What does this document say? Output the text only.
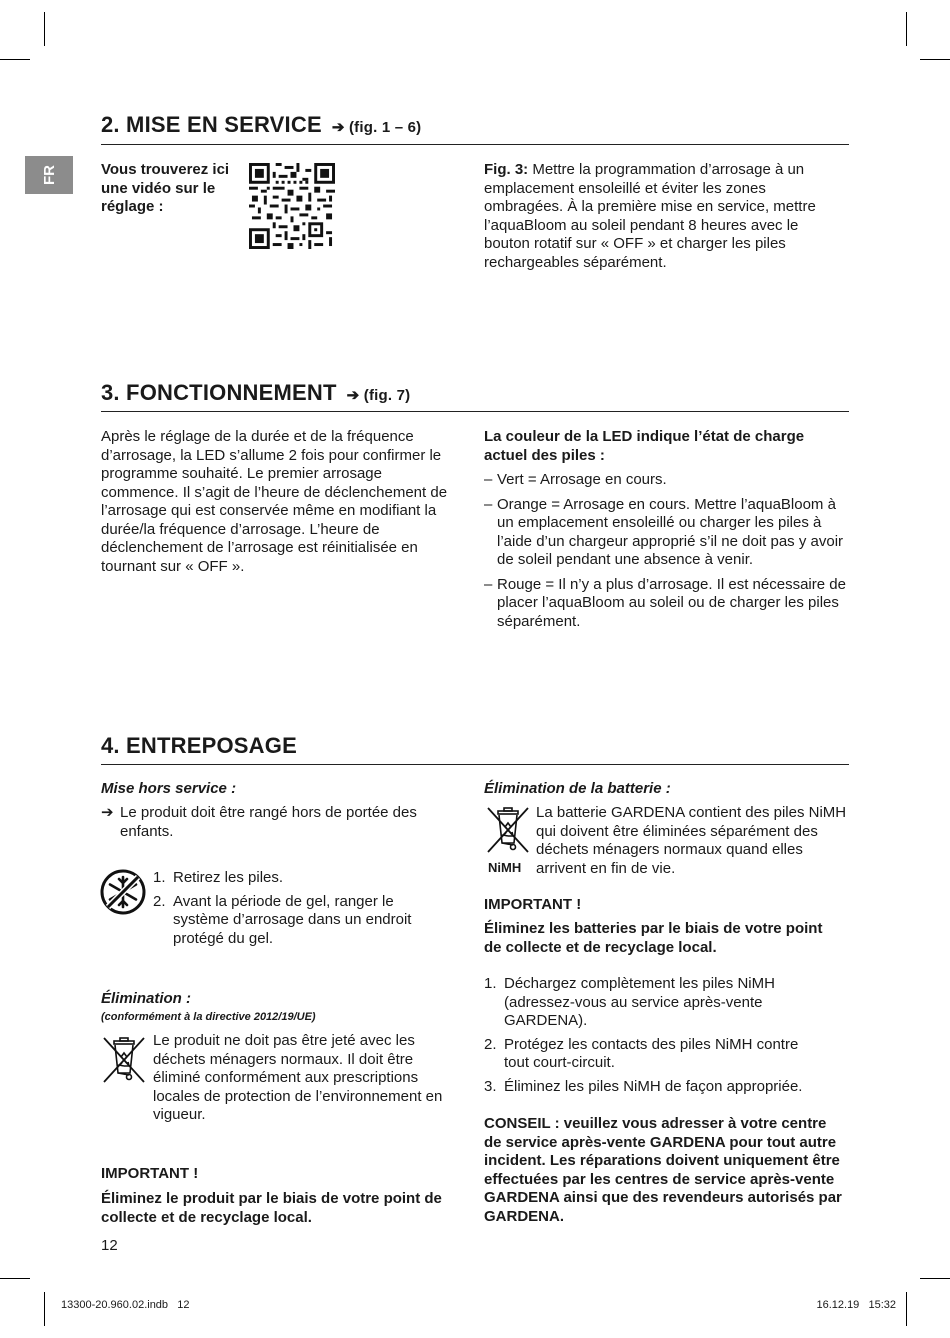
FR
2. MISE EN SERVICE ➔ (fig. 1 – 6)
Vous trouverez ici une vidéo sur le réglage :
Fig. 3: Mettre la programmation d’arrosage à un emplacement ensoleillé et éviter les zones ombragées. À la première mise en service, mettre l’aquaBloom au soleil pendant 8 heures avec le bouton rotatif sur « OFF » et charger les piles rechargeables séparément.
3. FONCTIONNEMENT ➔ (fig. 7)
Après le réglage de la durée et de la fréquence d’arrosage, la LED s’allume 2 fois pour confirmer le programme souhaité. Le premier arrosage commence. Il s’agit de l’heure de déclenchement de l’arrosage qui est conservée même en modifiant la durée/la fréquence d’arrosage. L’heure de déclenchement de l’arrosage est réinitialisée en tournant sur « OFF ».
La couleur de la LED indique l’état de charge actuel des piles :
– Vert = Arrosage en cours.
– Orange = Arrosage en cours. Mettre l’aquaBloom à un emplacement ensoleillé ou charger les piles à l’aide d’un chargeur approprié s’il ne doit pas y avoir de soleil pendant une absence à venir.
– Rouge = Il n’y a plus d’arrosage. Il est nécessaire de placer l’aquaBloom au soleil ou de charger les piles séparément.
4. ENTREPOSAGE
Mise hors service :
➔ Le produit doit être rangé hors de portée des enfants.
1. Retirez les piles.
2. Avant la période de gel, ranger le système d’arrosage dans un endroit protégé du gel.
Élimination :
(conformément à la directive 2012/19/UE)
Le produit ne doit pas être jeté avec les déchets ménagers normaux. Il doit être éliminé conformément aux prescriptions locales de protection de l’environnement en vigueur.
IMPORTANT !
Éliminez le produit par le biais de votre point de collecte et de recyclage local.
Élimination de la batterie :
NiMH
La batterie GARDENA contient des piles NiMH qui doivent être éliminées séparément des déchets ménagers normaux quand elles arrivent en fin de vie.
IMPORTANT !
Éliminez les batteries par le biais de votre point de collecte et de recyclage local.
1. Déchargez complètement les piles NiMH (adressez-vous au service après-vente GARDENA).
2. Protégez les contacts des piles NiMH contre tout court-circuit.
3. Éliminez les piles NiMH de façon appropriée.
CONSEIL : veuillez vous adresser à votre centre de service après-vente GARDENA pour tout autre incident. Les réparations doivent uniquement être effectuées par les centres de service après-vente GARDENA ainsi que des revendeurs autorisés par GARDENA.
12
13300-20.960.02.indb   12	16.12.19   15:32
